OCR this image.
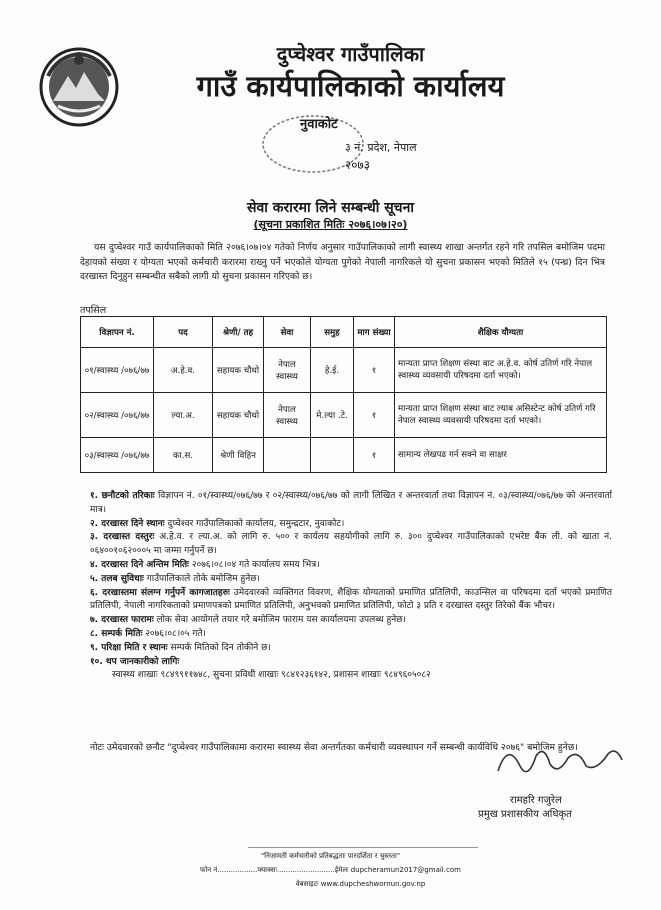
दुप्चेश्वर गाउँपालिका
गाउँ कार्यपालिकाको कार्यालय
नुवाकोट
३ नं. प्रदेश, नेपाल
२०७३
सेवा करारमा लिने सम्बन्धी सूचना
(सूचना प्रकाशित मितिः २०७६।०७।२०)
यस दुप्चेश्वर गाउँ कार्यपालिकाको मिति २०७६।०७।०४ गतेको निर्णय अनुसार गाउँपालिकाको लागी स्वास्थ्य शाखा अन्तर्गत रहने गरि तपसिल बमोजिम पदमा देहायको संख्या र योग्यता भएको कर्मचारी करारमा राख्नु पर्ने भएकोले योग्यता पुगेको नेपाली नागरिकले यो सुचना प्रकासन भएको मितिले १५ (पन्ध्र) दिन भित्र दरखास्त दिनुहुन सम्बन्धीत सबैको लागी यो सुचना प्रकासन गरिएको छ।
तपसिल
विज्ञापन नं.	पद	श्रेणी/ तह	सेवा	समुह	माग संख्या	शैक्षिक यौग्यता
०१/स्वास्थ्य /०७६/७७	अ.हे.व.	सहायक चौथो	नेपाल स्वास्थ्य	हे.ई.	१	मान्यता प्राप्त शिक्षण संस्था बाट अ.हे.व. कोर्ष उतिर्ण गरि नेपाल स्वास्थ्य व्यवसायी परिषदमा दर्ता भएको।
०२/स्वास्थ्य /०७६/७७	ल्या.अ.	सहायक चौथो	नेपाल स्वास्थ्य	मे.ल्या .टे.	१	मान्यता प्राप्त शिक्षण संस्था बाट ल्याब असिस्टेन्ट कोर्ष उतिर्ण गरि नेपाल स्वास्थ्य व्यवसायी परिषदमा दर्ता भएको।
०३/स्वास्थ्य /०७६/७७	का.स.	श्रेणी विहिन			१	सामान्य लेखपढ गर्न सक्ने वा साक्षर
१. छनौटको तरिकाः विज्ञापन नं. ०१/स्वास्थ्य/०७६/७७ र ०२/स्वास्थ्य/०७६/७७ को लागी लिखित र अन्तरवार्ता तथा विज्ञापन नं. ०३/स्वास्थ्य/०७६/७७ को अन्तरवार्ता मात्र।
२. दरखास्त दिने स्थानः दुप्चेश्वर गाउँपालिकाको कार्यालय, समुन्द्रटार, नुवाकोट।
३. दरखास्त दस्तुरः अ.हे.व. र ल्या.अ. को लागि रु. ५०० र कार्यलय सहयोगीको लागि रु. ३०० दुप्चेश्वर गाउँपालिकाको एभरेष्ट बैंक ली. को खाता नं. ०६४००१०६२०००५ मा जम्मा गर्नुपर्ने छ।
४. दरखास्त दिने अन्तिम मितिः २०७६।०८।०४ गते कार्यालय समय भित्र।
५. तलब सुविधाः गाउँपालिकाले तोके बमोजिम हुनेछ।
६. दरखास्तमा संलग्न गर्नुपर्ने कागजातहरुः उमेदवारको व्यक्तिगत विवरण, शैक्षिक योग्यताको प्रमाणित प्रतिलिपी, काउन्सिल वा परिषदमा दर्ता भएको प्रमाणित प्रतिलिपी, नेपाली नागरिकताको प्रमाणपत्रको प्रमाणित प्रतिलिपी, अनुभवको प्रमाणित प्रतिलिपी, फोटो ३ प्रति र दरखास्त दस्तुर तिरेको बैंक भौचर।
७. दरखास्त फारामः लोक सेवा आयोगले तयार गरे बमोजिम फाराम यस कार्यालयमा उपलब्ध हुनेछ।
८. सम्पर्क मितिः २०७६।०८।०५ गते।
९. परिक्षा मिति र स्थानः सम्पर्क मितिको दिन तोकीने छ।
१०. थप जानकारीको लागिः
स्वास्थ्य शाखाः ९८४९९११७४८, सुचना प्रविधी शाखाः ९८४१२३६१४२, प्रशासन शाखाः ९८४९६०५०८२
नोटः उमेदवारको छनौट "दुप्चेश्वर गाउँपालिकामा करारमा स्वास्थ्य सेवा अन्तर्गतका कर्मचारी व्यवस्थापन गर्ने सम्बन्धी कार्यविधि २०७६" बमोजिम हुनेछ।
रामहरि गजुरेल
प्रमुख प्रशासकीय अधिकृत
"निजामती कर्मचारीको प्रतिबद्धताः पारदर्शिता र चुस्तता"
फोन नं..................फ्याक्सः..........................ईमेलः dupcheramun2017@gmail.com
वेबसाइटः www.dupcheshwornun.gov.np
